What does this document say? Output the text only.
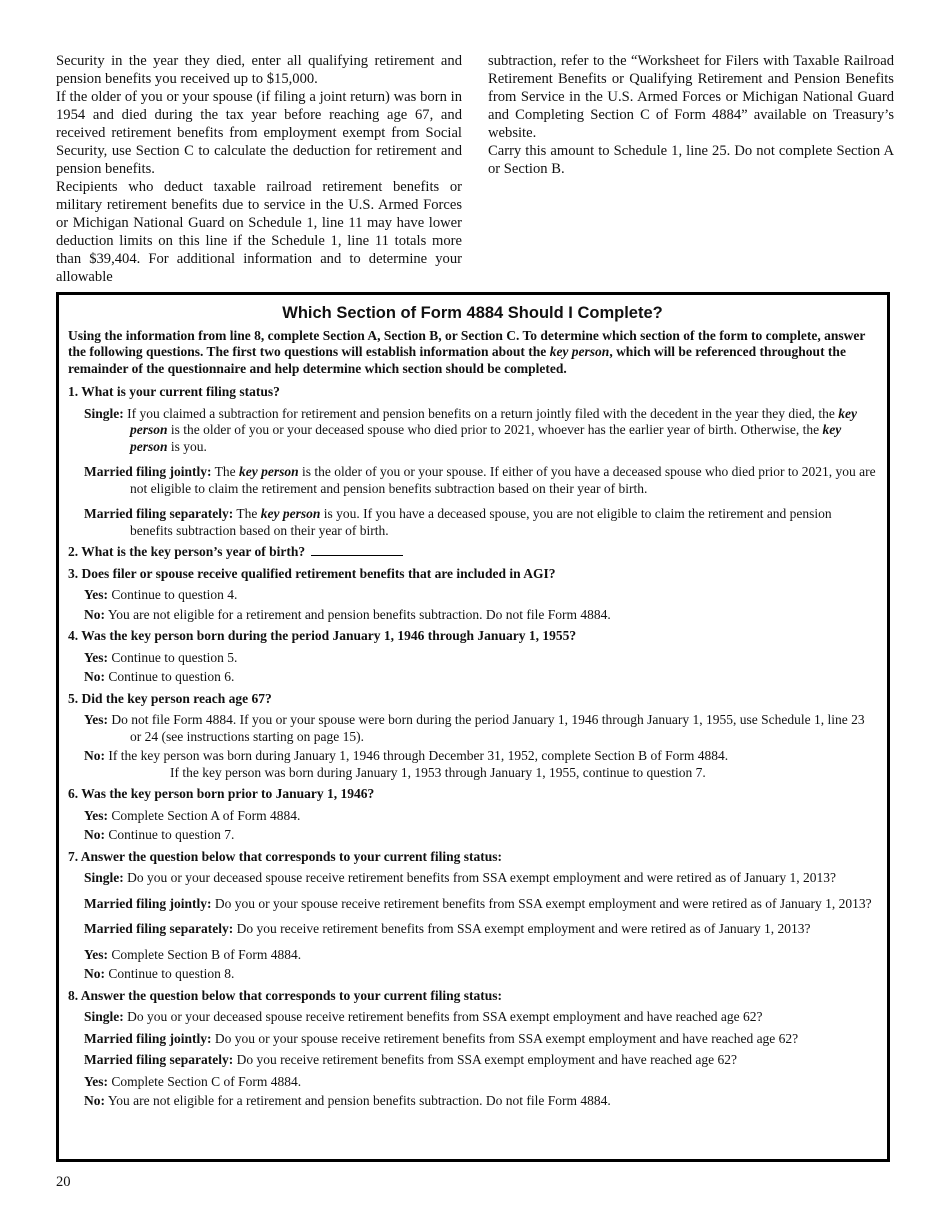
Security in the year they died, enter all qualifying retirement and pension benefits you received up to $15,000.

If the older of you or your spouse (if filing a joint return) was born in 1954 and died during the tax year before reaching age 67, and received retirement benefits from employment exempt from Social Security, use Section C to calculate the deduction for retirement and pension benefits.

Recipients who deduct taxable railroad retirement benefits or military retirement benefits due to service in the U.S. Armed Forces or Michigan National Guard on Schedule 1, line 11 may have lower deduction limits on this line if the Schedule 1, line 11 totals more than $39,404. For additional information and to determine your allowable

subtraction, refer to the “Worksheet for Filers with Taxable Railroad Retirement Benefits or Qualifying Retirement and Pension Benefits from Service in the U.S. Armed Forces or Michigan National Guard and Completing Section C of Form 4884” available on Treasury’s website.

Carry this amount to Schedule 1, line 25. Do not complete Section A or Section B.

Which Section of Form 4884 Should I Complete?

Using the information from line 8, complete Section A, Section B, or Section C. To determine which section of the form to complete, answer the following questions. The first two questions will establish information about the key person, which will be referenced throughout the remainder of the questionnaire and help determine which section should be completed.

1. What is your current filing status?

Single: If you claimed a subtraction for retirement and pension benefits on a return jointly filed with the decedent in the year they died, the key person is the older of you or your deceased spouse who died prior to 2021, whoever has the earlier year of birth. Otherwise, the key person is you.

Married filing jointly: The key person is the older of you or your spouse. If either of you have a deceased spouse who died prior to 2021, you are not eligible to claim the retirement and pension benefits subtraction based on their year of birth.

Married filing separately: The key person is you. If you have a deceased spouse, you are not eligible to claim the retirement and pension benefits subtraction based on their year of birth.

2. What is the key person’s year of birth?

3. Does filer or spouse receive qualified retirement benefits that are included in AGI?

Yes: Continue to question 4.

No: You are not eligible for a retirement and pension benefits subtraction. Do not file Form 4884.

4. Was the key person born during the period January 1, 1946 through January 1, 1955?

Yes: Continue to question 5.

No: Continue to question 6.

5. Did the key person reach age 67?

Yes: Do not file Form 4884. If you or your spouse were born during the period January 1, 1946 through January 1, 1955, use Schedule 1, line 23 or 24 (see instructions starting on page 15).

No: If the key person was born during January 1, 1946 through December 31, 1952, complete Section B of Form 4884.
If the key person was born during January 1, 1953 through January 1, 1955, continue to question 7.

6. Was the key person born prior to January 1, 1946?

Yes: Complete Section A of Form 4884.

No: Continue to question 7.

7. Answer the question below that corresponds to your current filing status:

Single: Do you or your deceased spouse receive retirement benefits from SSA exempt employment and were retired as of January 1, 2013?

Married filing jointly: Do you or your spouse receive retirement benefits from SSA exempt employment and were retired as of January 1, 2013?

Married filing separately: Do you receive retirement benefits from SSA exempt employment and were retired as of January 1, 2013?

Yes: Complete Section B of Form 4884.

No: Continue to question 8.

8. Answer the question below that corresponds to your current filing status:

Single: Do you or your deceased spouse receive retirement benefits from SSA exempt employment and have reached age 62?

Married filing jointly: Do you or your spouse receive retirement benefits from SSA exempt employment and have reached age 62?

Married filing separately: Do you receive retirement benefits from SSA exempt employment and have reached age 62?

Yes: Complete Section C of Form 4884.

No: You are not eligible for a retirement and pension benefits subtraction. Do not file Form 4884.

20
